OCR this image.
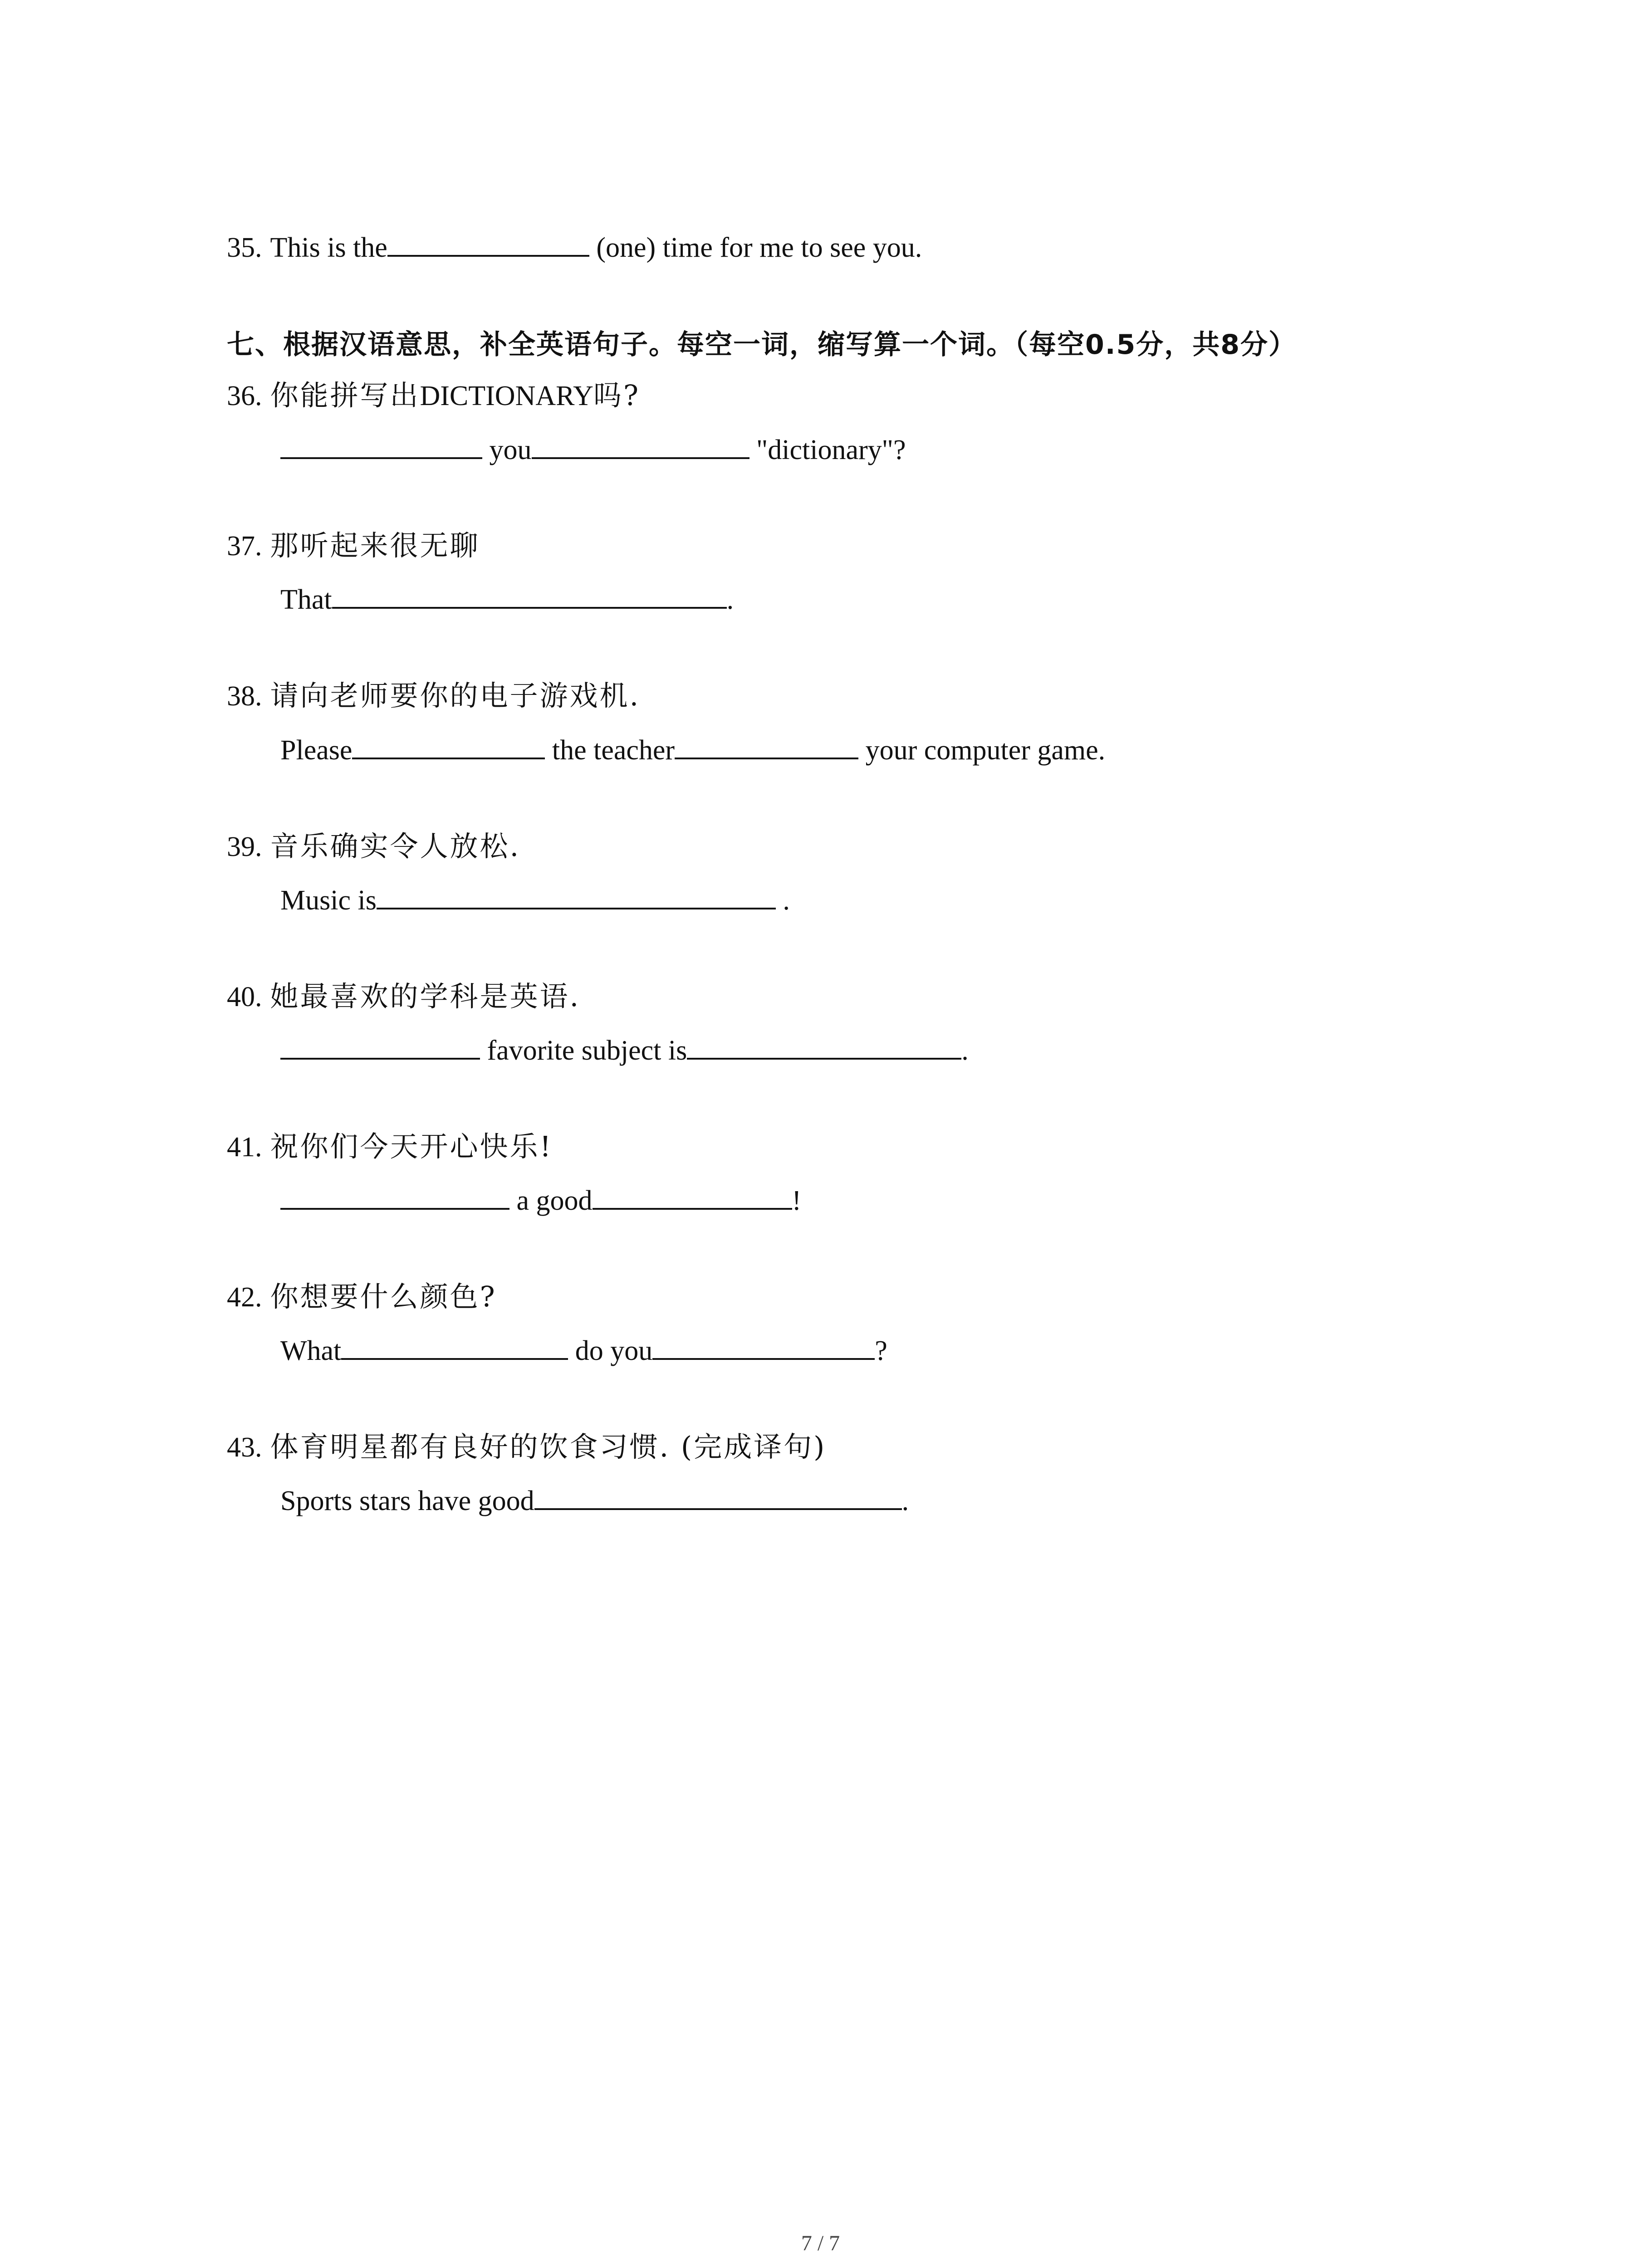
35. This is the	(one) time for me to see you.
七、根据汉语意思，补全英语句子。每空一词，缩写算一个词。（每空0.5分，共8分）
36. 你能拼写出DICTIONARY吗?
you	"dictionary"?
37. 那听起来很无聊
That	.
38. 请向老师要你的电子游戏机.
Please	the teacher	your computer game.
39. 音乐确实令人放松.
Music is	.
40. 她最喜欢的学科是英语.
favorite subject is	.
41. 祝你们今天开心快乐!
a good	!
42. 你想要什么颜色?
What	do you	?
43. 体育明星都有良好的饮食习惯. (完成译句)
Sports stars have good	.
7 / 7
